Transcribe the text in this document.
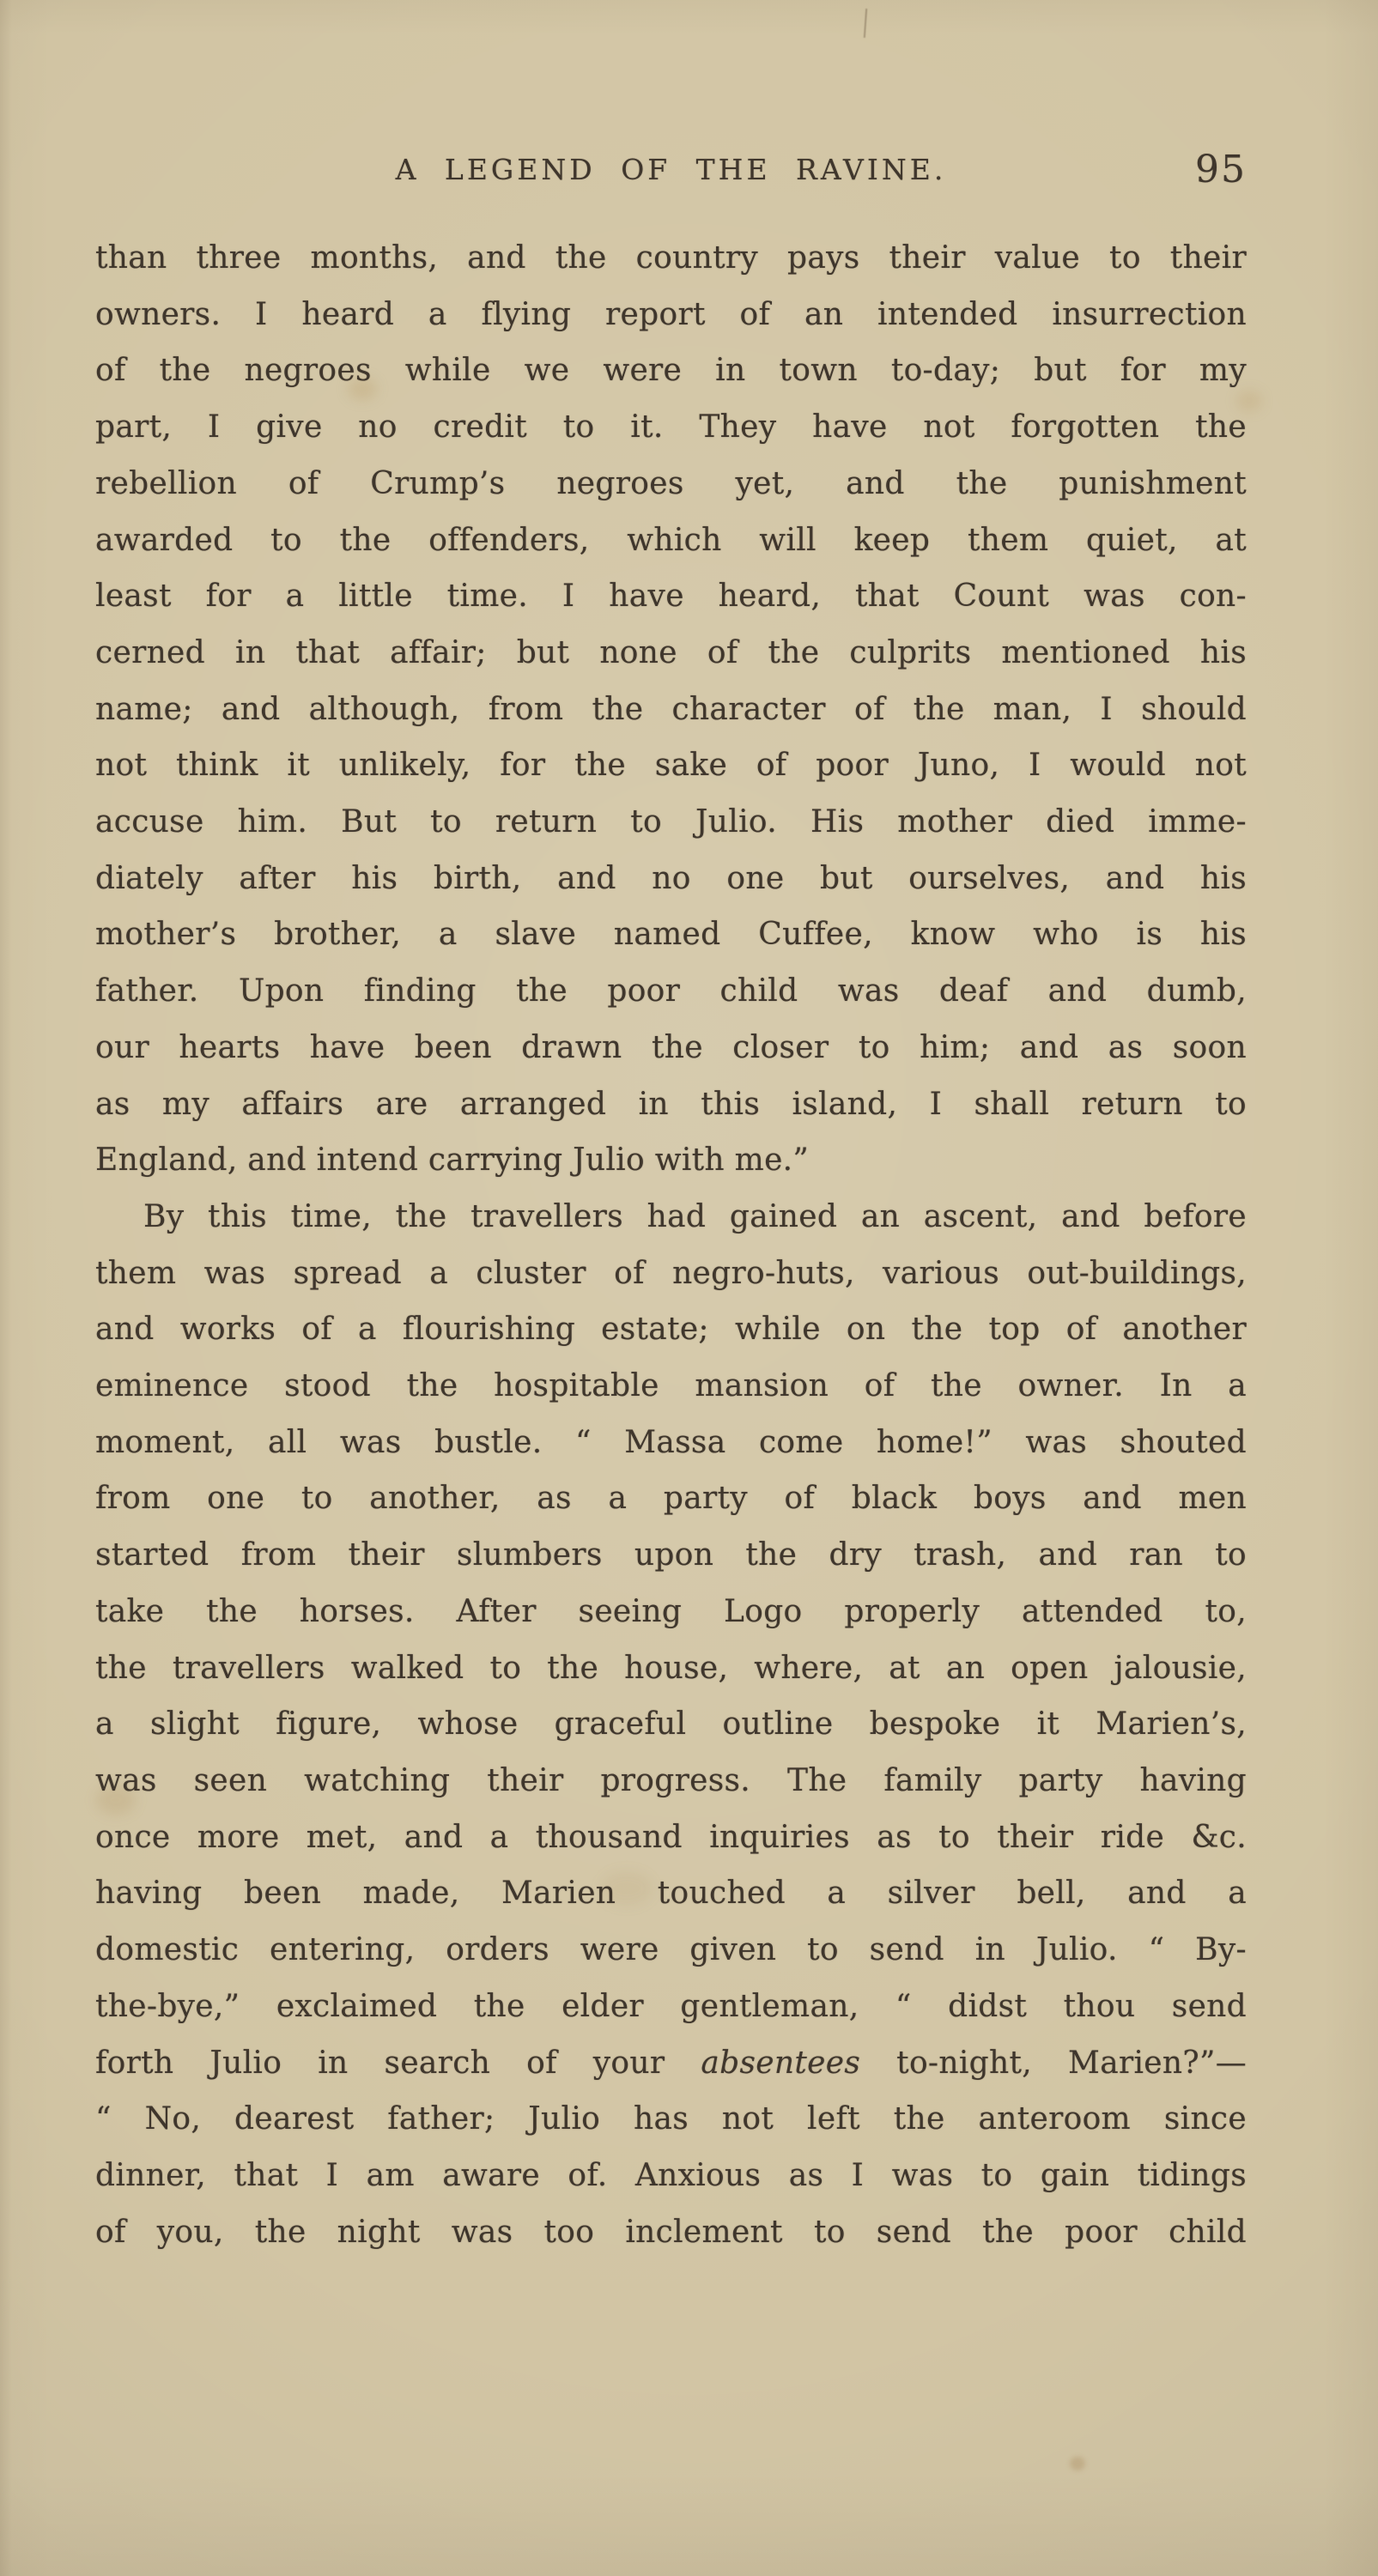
A LEGEND OF THE RAVINE.	95
than three months, and the country pays their value to their
owners. I heard a flying report of an intended insurrection
of the negroes while we were in town to-day; but for my
part, I give no credit to it. They have not forgotten the
rebellion of Crump’s negroes yet, and the punishment
awarded to the offenders, which will keep them quiet, at
least for a little time. I have heard, that Count was con-
cerned in that affair; but none of the culprits mentioned his
name; and although, from the character of the man, I should
not think it unlikely, for the sake of poor Juno, I would not
accuse him. But to return to Julio. His mother died imme-
diately after his birth, and no one but ourselves, and his
mother’s brother, a slave named Cuffee, know who is his
father. Upon finding the poor child was deaf and dumb,
our hearts have been drawn the closer to him; and as soon
as my affairs are arranged in this island, I shall return to
England, and intend carrying Julio with me.”
By this time, the travellers had gained an ascent, and before
them was spread a cluster of negro-huts, various out-buildings,
and works of a flourishing estate; while on the top of another
eminence stood the hospitable mansion of the owner. In a
moment, all was bustle. “ Massa come home!” was shouted
from one to another, as a party of black boys and men
started from their slumbers upon the dry trash, and ran to
take the horses. After seeing Logo properly attended to,
the travellers walked to the house, where, at an open jalousie,
a slight figure, whose graceful outline bespoke it Marien’s,
was seen watching their progress. The family party having
once more met, and a thousand inquiries as to their ride &c.
having been made, Marien touched a silver bell, and a
domestic entering, orders were given to send in Julio. “ By-
the-bye,” exclaimed the elder gentleman, “ didst thou send
forth Julio in search of your absentees to-night, Marien?”—
“ No, dearest father; Julio has not left the anteroom since
dinner, that I am aware of. Anxious as I was to gain tidings
of you, the night was too inclement to send the poor child
